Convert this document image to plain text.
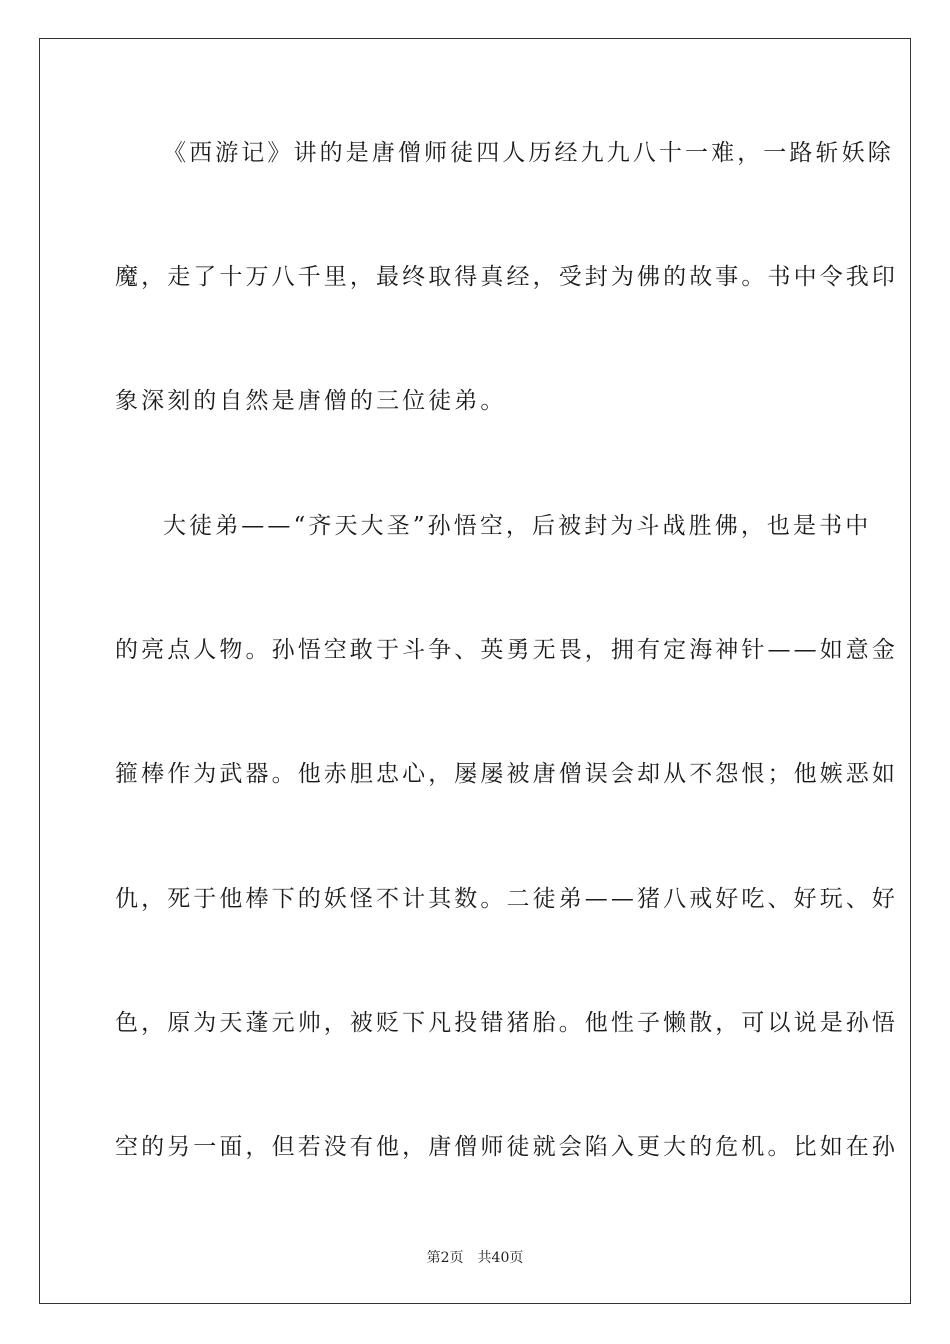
《西游记》讲的是唐僧师徒四人历经九九八十一难，一路斩妖除
魔，走了十万八千里，最终取得真经，受封为佛的故事。书中令我印
象深刻的自然是唐僧的三位徒弟。
大徒弟——“齐天大圣”孙悟空，后被封为斗战胜佛，也是书中
的亮点人物。孙悟空敢于斗争、英勇无畏，拥有定海神针——如意金
箍棒作为武器。他赤胆忠心，屡屡被唐僧误会却从不怨恨；他嫉恶如
仇，死于他棒下的妖怪不计其数。二徒弟——猪八戒好吃、好玩、好
色，原为天蓬元帅，被贬下凡投错猪胎。他性子懒散，可以说是孙悟
空的另一面，但若没有他，唐僧师徒就会陷入更大的危机。比如在孙
第2页 共40页
